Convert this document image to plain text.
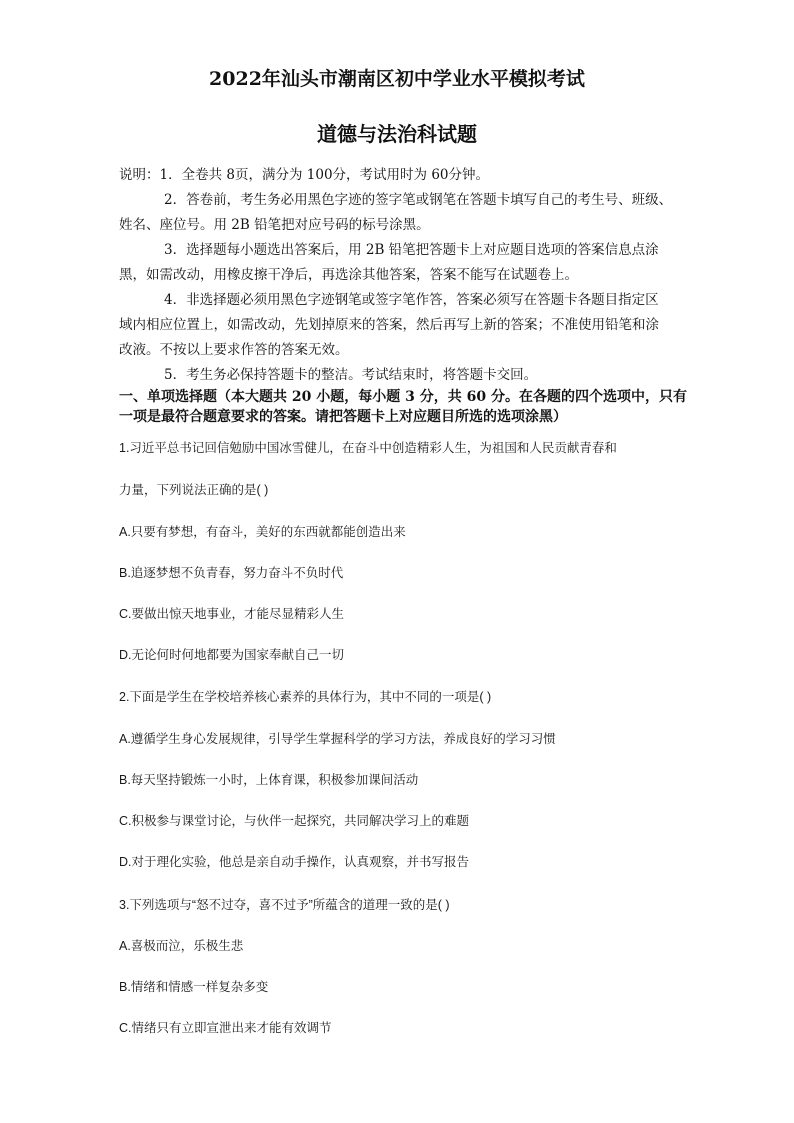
2022年汕头市潮南区初中学业水平模拟考试
道德与法治科试题
说明：1．全卷共 8页，满分为 100分，考试用时为 60分钟。
2．答卷前，考生务必用黑色字迹的签字笔或钢笔在答题卡填写自己的考生号、班级、
姓名、座位号。用 2B 铅笔把对应号码的标号涂黑。
3．选择题每小题选出答案后，用 2B 铅笔把答题卡上对应题目选项的答案信息点涂
黑，如需改动，用橡皮擦干净后，再选涂其他答案，答案不能写在试题卷上。
4．非选择题必须用黑色字迹钢笔或签字笔作答，答案必须写在答题卡各题目指定区
域内相应位置上，如需改动，先划掉原来的答案，然后再写上新的答案；不准使用铅笔和涂
改液。不按以上要求作答的答案无效。
5．考生务必保持答题卡的整洁。考试结束时，将答题卡交回。
一、单项选择题（本大题共 20 小题，每小题 3 分，共 60 分。在各题的四个选项中，只有
一项是最符合题意要求的答案。请把答题卡上对应题目所选的选项涂黑）
1.习近平总书记回信勉励中国冰雪健儿，在奋斗中创造精彩人生，为祖国和人民贡献青春和
力量，下列说法正确的是( )
A.只要有梦想，有奋斗，美好的东西就都能创造出来
B.追逐梦想不负青春，努力奋斗不负时代
C.要做出惊天地事业，才能尽显精彩人生
D.无论何时何地都要为国家奉献自己一切
2.下面是学生在学校培养核心素养的具体行为，其中不同的一项是( )
A.遵循学生身心发展规律，引导学生掌握科学的学习方法，养成良好的学习习惯
B.每天坚持锻炼一小时，上体育课，积极参加课间活动
C.积极参与课堂讨论，与伙伴一起探究，共同解决学习上的难题
D.对于理化实验，他总是亲自动手操作，认真观察，并书写报告
3.下列选项与“怒不过夺，喜不过予”所蕴含的道理一致的是( )
A.喜极而泣，乐极生悲
B.情绪和情感一样复杂多变
C.情绪只有立即宣泄出来才能有效调节
